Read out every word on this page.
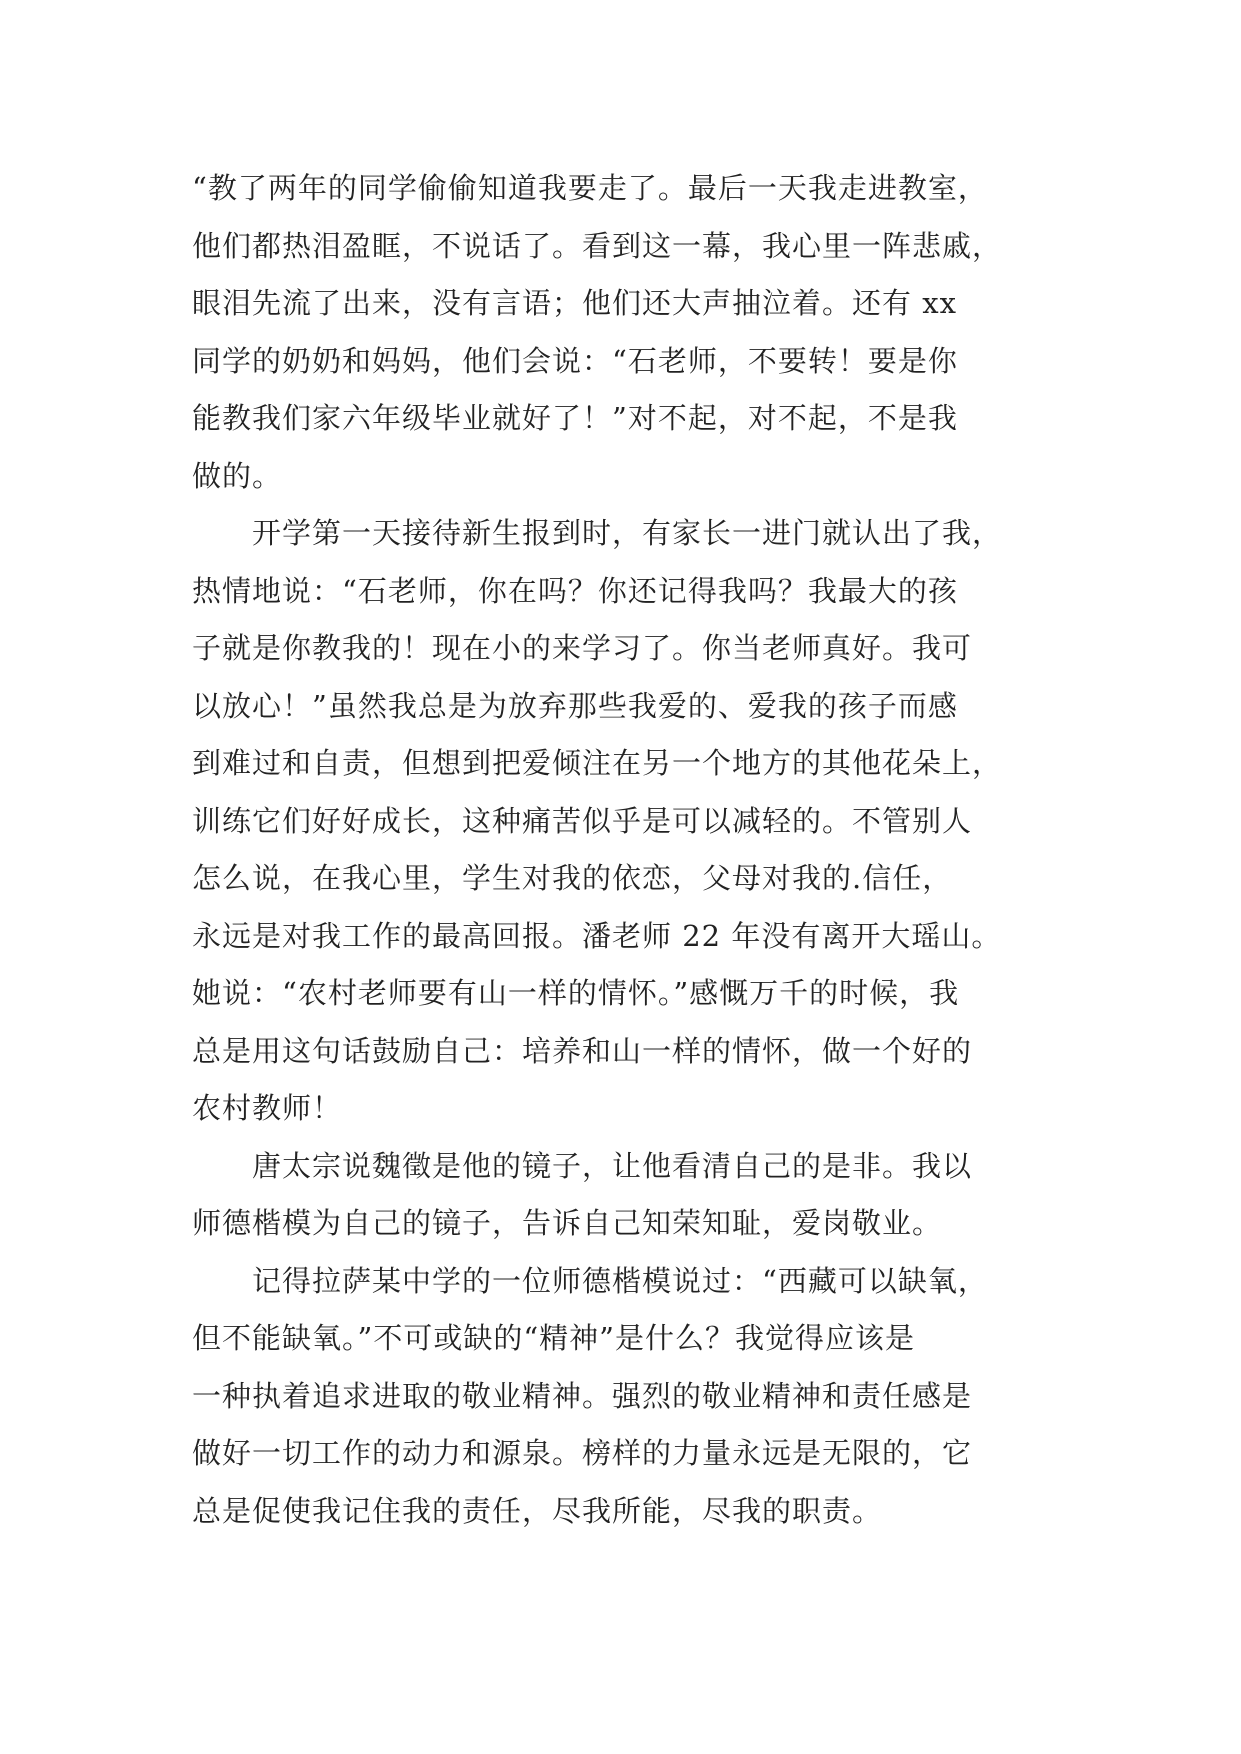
“教了两年的同学偷偷知道我要走了。最后一天我走进教室，
他们都热泪盈眶，不说话了。看到这一幕，我心里一阵悲戚，
眼泪先流了出来，没有言语；他们还大声抽泣着。还有 xx
同学的奶奶和妈妈，他们会说：“石老师，不要转！要是你
能教我们家六年级毕业就好了！”对不起，对不起，不是我
做的。
开学第一天接待新生报到时，有家长一进门就认出了我，
热情地说：“石老师，你在吗？你还记得我吗？我最大的孩
子就是你教我的！现在小的来学习了。你当老师真好。我可
以放心！”虽然我总是为放弃那些我爱的、爱我的孩子而感
到难过和自责，但想到把爱倾注在另一个地方的其他花朵上，
训练它们好好成长，这种痛苦似乎是可以减轻的。不管别人
怎么说，在我心里，学生对我的依恋，父母对我的.信任，
永远是对我工作的最高回报。潘老师 22 年没有离开大瑶山。
她说：“农村老师要有山一样的情怀。”感慨万千的时候，我
总是用这句话鼓励自己：培养和山一样的情怀，做一个好的
农村教师！
唐太宗说魏徵是他的镜子，让他看清自己的是非。我以
师德楷模为自己的镜子，告诉自己知荣知耻，爱岗敬业。
记得拉萨某中学的一位师德楷模说过：“西藏可以缺氧，
但不能缺氧。”不可或缺的“精神”是什么？我觉得应该是
一种执着追求进取的敬业精神。强烈的敬业精神和责任感是
做好一切工作的动力和源泉。榜样的力量永远是无限的，它
总是促使我记住我的责任，尽我所能，尽我的职责。
